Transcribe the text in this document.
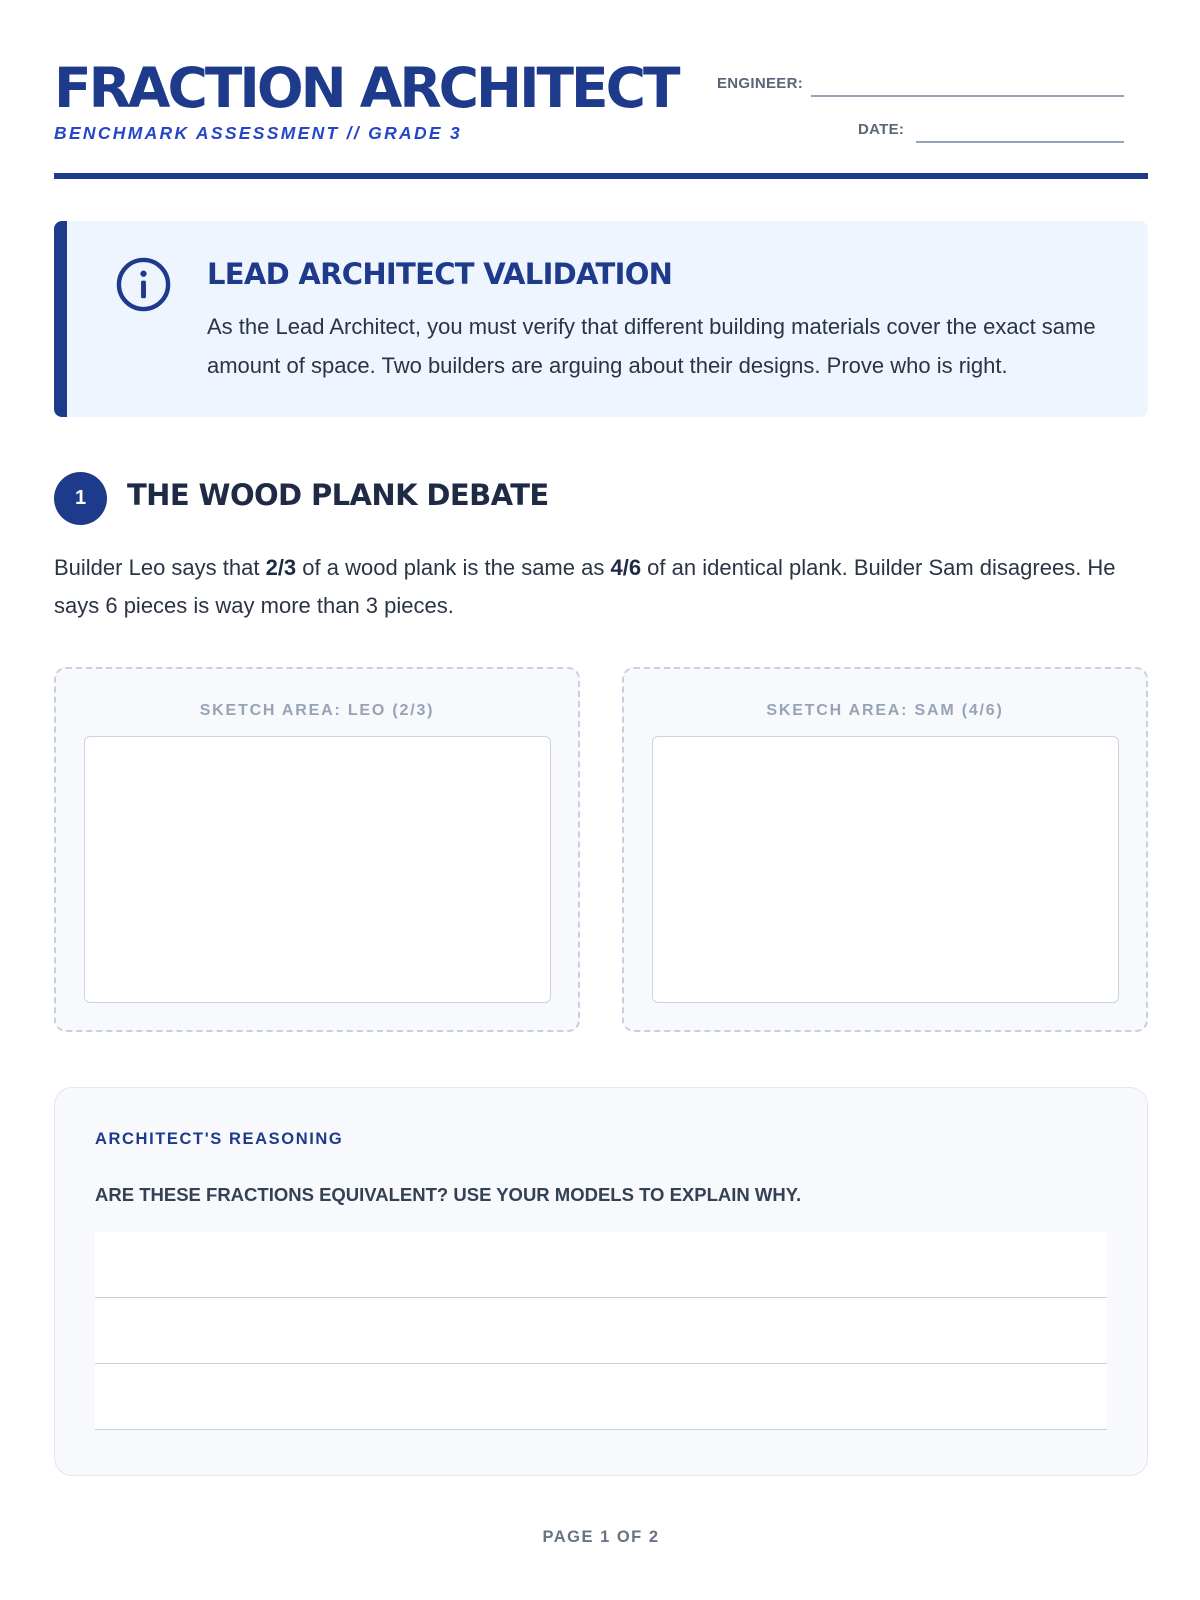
FRACTION ARCHITECT
BENCHMARK ASSESSMENT // GRADE 3
ENGINEER:
DATE:
LEAD ARCHITECT VALIDATION
As the Lead Architect, you must verify that different building materials cover the exact same amount of space. Two builders are arguing about their designs. Prove who is right.
1	THE WOOD PLANK DEBATE
Builder Leo says that 2/3 of a wood plank is the same as 4/6 of an identical plank. Builder Sam disagrees. He says 6 pieces is way more than 3 pieces.
SKETCH AREA: LEO (2/3)	SKETCH AREA: SAM (4/6)
ARCHITECT'S REASONING
ARE THESE FRACTIONS EQUIVALENT? USE YOUR MODELS TO EXPLAIN WHY.
PAGE 1 OF 2
